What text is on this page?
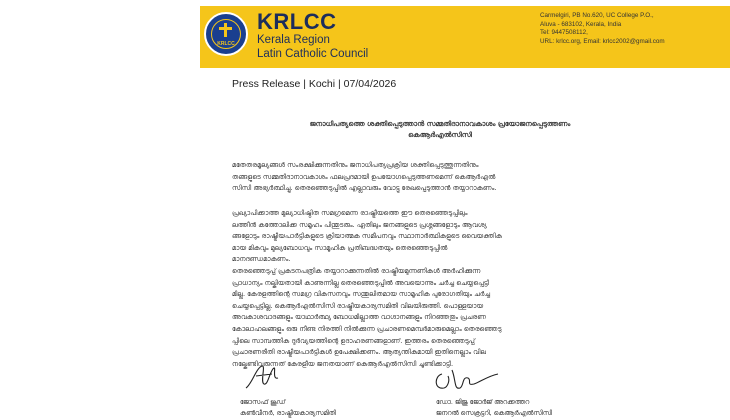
KRLCC
KRLCC
Kerala Region
Latin Catholic Council
Carmelgiri, PB No.620, UC College P.O.,
Aluva - 683102, Kerala, India
Tel: 9447508112,
URL: krlcc.org, Email: krlcc2002@gmail.com
Press Release | Kochi | 07/04/2026
ജനാധിപത്യത്തെ ശക്തിപ്പെടുത്താൻ സമ്മതിദാനാവകാശം പ്രയോജനപ്പെടുത്തണം
കെആർഎൽസിസി
മതേതരമൂല്യങ്ങൾ സംരക്ഷിക്കുന്നതിനും ജനാധിപത്യപ്രക്രിയ ശക്തിപ്പെടുത്തുന്നതിനും
തങ്ങളുടെ സമ്മതിദാനാവകാശം ഫലപ്രദമായി ഉപയോഗപ്പെടുത്തണമെന്ന് കെആർഎൽ
സിസി അഭ്യർത്ഥിച്ചു. തെരഞ്ഞെടുപ്പിൽ എല്ലാവരും വോട്ടു രേഖപ്പെടുത്താൻ തയ്യാറാകണം.
പ്രഖ്യാപിക്കാത്ത മുല്യാധിഷ്ഠിത സമഗ്രമെന്ന രാഷ്ട്രീയത്തെ ഈ തെരഞ്ഞെടുപ്പിലും
ലത്തീൻ കത്തോലിക്ക സമൂഹം പിന്തുടരും. ഏതിലും ജനങ്ങളുടെ പ്രശ്നങ്ങളോടും ആവശ്യ
ങ്ങളോടും രാഷ്ട്രീയപാർട്ടികളുടെ ക്രിയാത്മക സമീപനവും സ്ഥാനാർത്ഥികളുടെ വൈയക്തിക
മായ മികവും മുല്യബോധവും സാമൂഹിക പ്രതിബദ്ധതയും തെരഞ്ഞെടുപ്പിൽ
മാനദണ്ഡമാകണം.
തെരഞ്ഞെടുപ്പ് പ്രകടനപത്രിക തയ്യാറാക്കുന്നതിൽ രാഷ്ട്രീയമുന്നണികൾ അർഹിക്കുന്ന
പ്രാധാന്യം നല്കിയതായി കാണുന്നില്ല തെരഞ്ഞെടുപ്പിൽ അവയൊന്നും ചർച്ച ചെയ്യപ്പെട്ടി
മില്ല. കേരളത്തിന്റെ സമഗ്ര വികസനവും സന്തുലിതമായ സാമൂഹിക പുരോഗതിയും ചർച്ച
ചെയ്യപ്പെട്ടില്ല. കെആർഎൽസിസി രാഷ്ട്രീയകാര്യസമിതി വിലയിരുത്തി. പൊള്ളയായ
അവകാശവാദങ്ങളും യാഥാർത്ഥ്യ ബോധമില്ലാത്ത വാഗ്ദാനങ്ങളും നിറഞ്ഞതും പ്രചരണ
കോലാഹലങ്ങളും ഒരു നീണ്ട നിരത്തി നിൽക്കുന്ന പ്രചാരണമെമ്പർമാരുമെല്ലാം തെരഞ്ഞെടു
പ്പിലെ സാമ്പത്തിക ദുർവ്യയത്തിന്റെ ഉദാഹരണങ്ങളാണ്. ഇത്തരം തെരഞ്ഞെടുപ്പ്
പ്രചാരണരീതി രാഷ്ട്രീയപാർട്ടികൾ ഉപേക്ഷിക്കണം. ആത്യന്തികമായി ഇതിനെല്ലാം വില
നല്കേണ്ടിവരുന്നത് കേരളീയ ജനതയാണ് കെആർഎൽസിസി ചൂണ്ടിക്കാട്ടി.
ജോസഫ് ജൂഡ്
കൺവീനർ, രാഷ്ട്രീയകാര്യസമിതി
ഡോ. ജിജു ജോർജ് അറക്കത്തറ
ജനറൽ സെക്രട്ടറി, കെആർഎൽസിസി
